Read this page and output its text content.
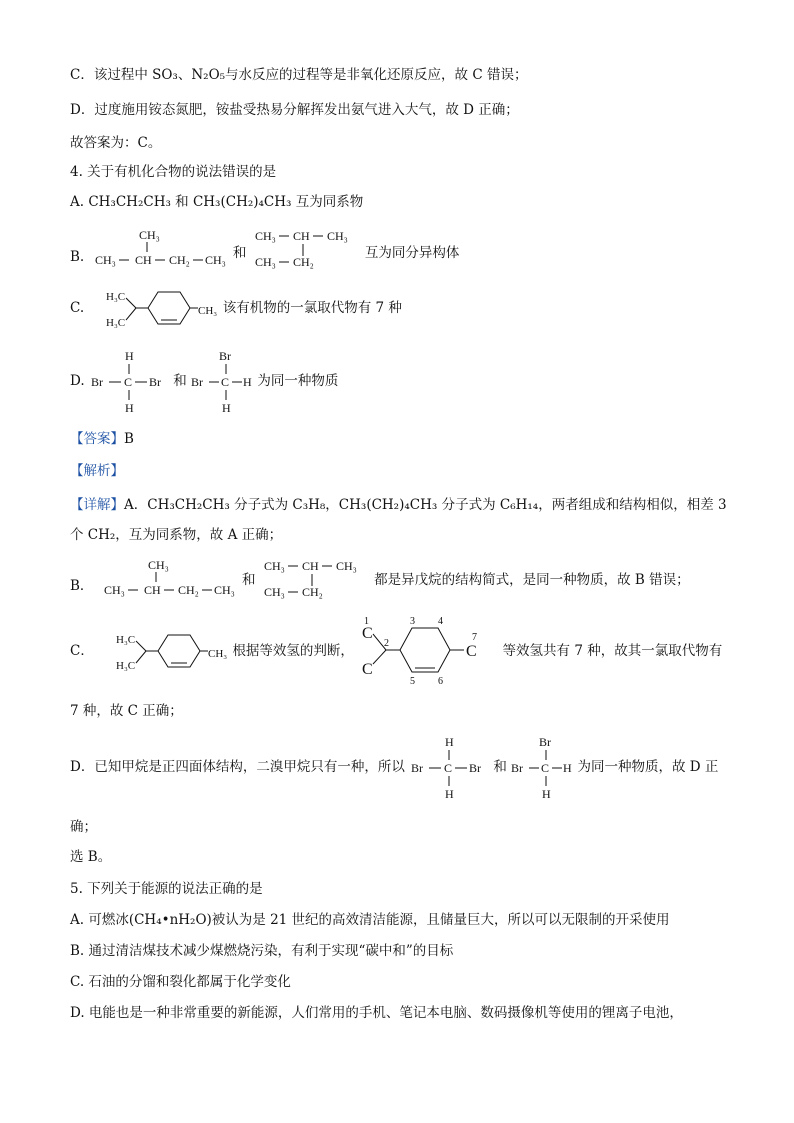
C．该过程中 SO₃、N₂O₅与水反应的过程等是非氧化还原反应，故 C 错误；
D．过度施用铵态氮肥，铵盐受热易分解挥发出氨气进入大气，故 D 正确；
故答案为：C。
4. 关于有机化合物的说法错误的是
A. CH₃CH₂CH₃ 和 CH₃(CH₂)₄CH₃ 互为同系物
B.
CH₃
CH₃ CH CH₂ CH₃ 和
CH₃ CH CH₃
CH₃ CH₂
互为同分异构体
C.
H₃C
H₃C
CH₃ 该有机物的一氯取代物有 7 种
D.
H
Br C Br
H
和
Br
Br C H
H
为同一种物质
【答案】B
【解析】
【详解】A．CH₃CH₂CH₃ 分子式为 C₃H₈，CH₃(CH₂)₄CH₃ 分子式为 C₆H₁₄，两者组成和结构相似，相差 3
个 CH₂，互为同系物，故 A 正确；
B．
CH₃
CH₃ CH CH₂ CH₃
和
CH₃ CH CH₃
CH₃ CH₂
都是异戊烷的结构简式，是同一种物质，故 B 错误；
C．
H₃C
H₃C
CH₃ 根据等效氢的判断，
1
C
C
2
3 4
5 6
7
C 等效氢共有 7 种，故其一氯取代物有
7 种，故 C 正确；
D．已知甲烷是正四面体结构，二溴甲烷只有一种，所以
H
Br C Br
H
和
Br
Br C H
H
为同一种物质，故 D 正
确；
选 B。
5. 下列关于能源的说法正确的是
A. 可燃冰(CH₄•nH₂O)被认为是 21 世纪的高效清洁能源，且储量巨大，所以可以无限制的开采使用
B. 通过清洁煤技术减少煤燃烧污染，有利于实现“碳中和”的目标
C. 石油的分馏和裂化都属于化学变化
D. 电能也是一种非常重要的新能源，人们常用的手机、笔记本电脑、数码摄像机等使用的锂离子电池，
